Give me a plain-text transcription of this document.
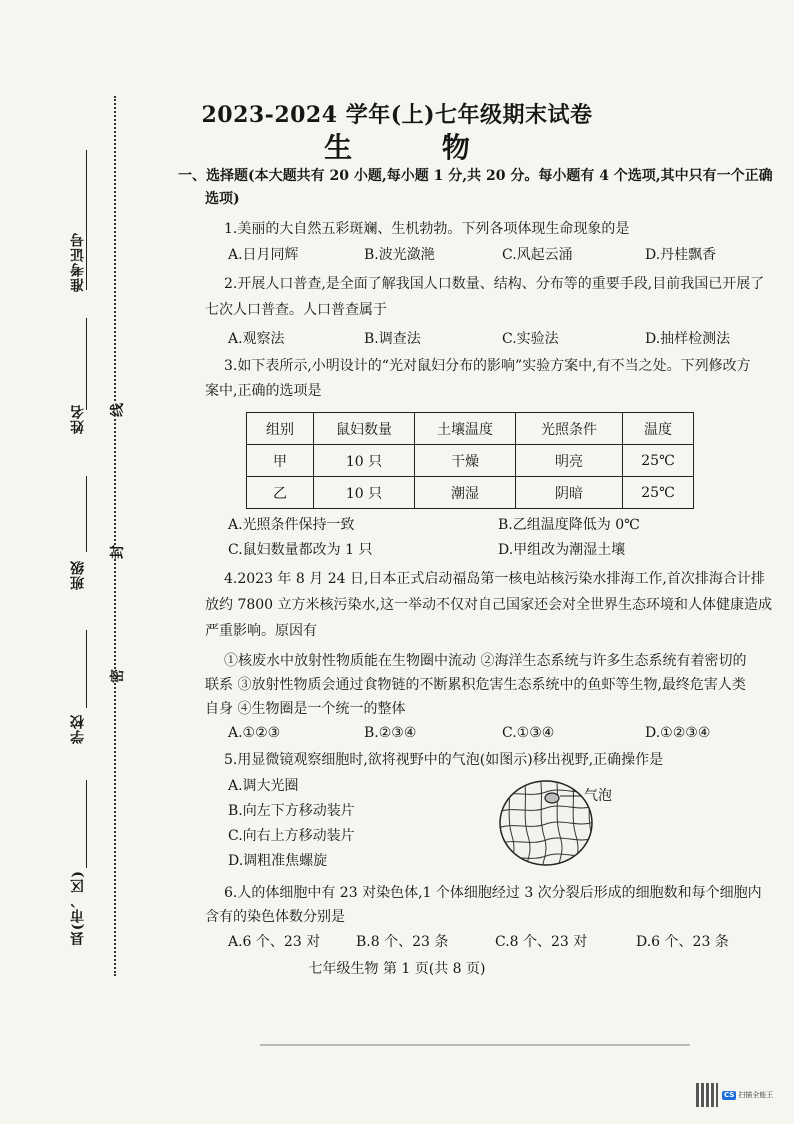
准考证号
姓名
班级
学校
县(市、区)
线
封
密
2023-2024 学年(上)七年级期末试卷
生 物
一、选择题(本大题共有 20 小题,每小题 1 分,共 20 分。每小题有 4 个选项,其中只有一个正确
选项)
1.美丽的大自然五彩斑斓、生机勃勃。下列各项体现生命现象的是
A.日月同辉	B.波光潋滟	C.风起云涌	D.丹桂飘香
2.开展人口普查,是全面了解我国人口数量、结构、分布等的重要手段,目前我国已开展了
七次人口普查。人口普查属于
A.观察法	B.调查法	C.实验法	D.抽样检测法
3.如下表所示,小明设计的“光对鼠妇分布的影响”实验方案中,有不当之处。下列修改方
案中,正确的选项是
组别	鼠妇数量	土壤温度	光照条件	温度
甲	10 只	干燥	明亮	25℃
乙	10 只	潮湿	阴暗	25℃
A.光照条件保持一致	B.乙组温度降低为 0℃
C.鼠妇数量都改为 1 只	D.甲组改为潮湿土壤
4.2023 年 8 月 24 日,日本正式启动福岛第一核电站核污染水排海工作,首次排海合计排
放约 7800 立方米核污染水,这一举动不仅对自己国家还会对全世界生态环境和人体健康造成
严重影响。原因有
①核废水中放射性物质能在生物圈中流动 ②海洋生态系统与许多生态系统有着密切的
联系 ③放射性物质会通过食物链的不断累积危害生态系统中的鱼虾等生物,最终危害人类
自身 ④生物圈是一个统一的整体
A.①②③	B.②③④	C.①③④	D.①②③④
5.用显微镜观察细胞时,欲将视野中的气泡(如图示)移出视野,正确操作是
A.调大光圈
B.向左下方移动装片
C.向右上方移动装片
D.调粗准焦螺旋
气泡
6.人的体细胞中有 23 对染色体,1 个体细胞经过 3 次分裂后形成的细胞数和每个细胞内
含有的染色体数分别是
A.6 个、23 对	B.8 个、23 条	C.8 个、23 对	D.6 个、23 条
七年级生物 第 1 页(共 8 页)
CS 扫描全能王
